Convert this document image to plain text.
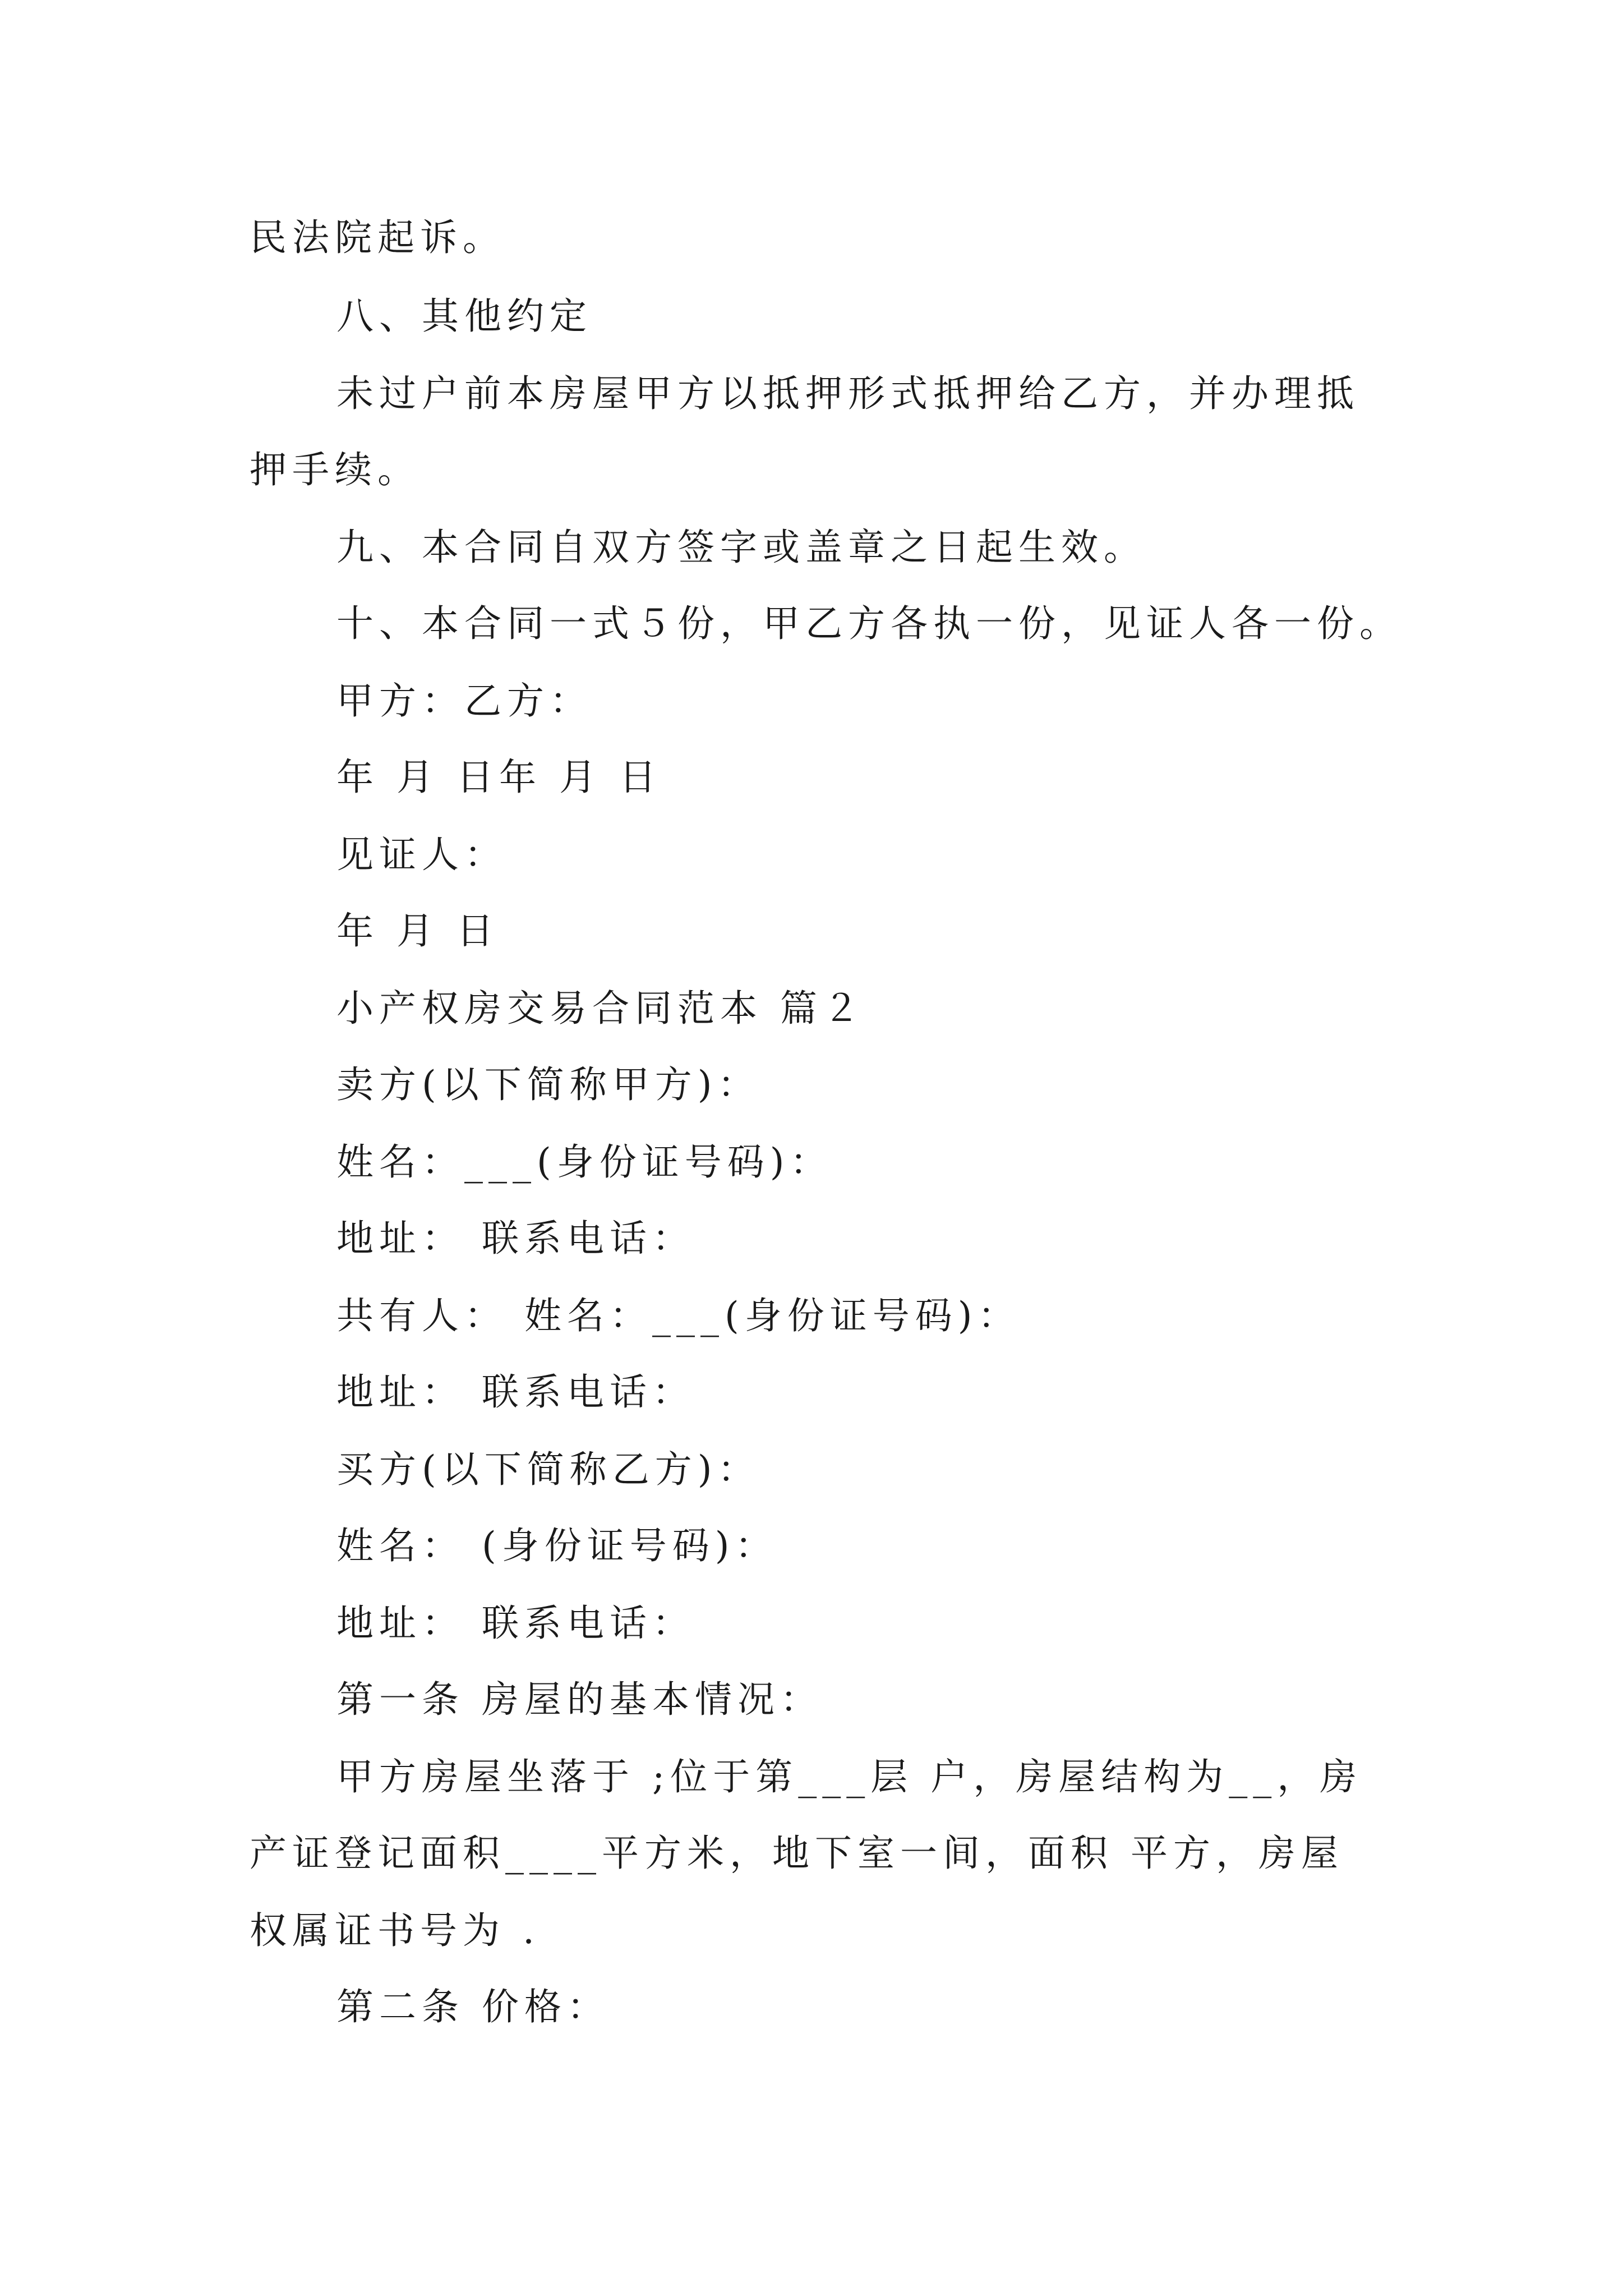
民法院起诉。
八、其他约定
未过户前本房屋甲方以抵押形式抵押给乙方，并办理抵
押手续。
九、本合同自双方签字或盖章之日起生效。
十、本合同一式５份，甲乙方各执一份，见证人各一份。
甲方：乙方：
年 月 日年 月 日
见证人：
年 月 日
小产权房交易合同范本 篇２
卖方(以下简称甲方)：
姓名：___(身份证号码)：
地址： 联系电话：
共有人： 姓名：___(身份证号码)：
地址： 联系电话：
买方(以下简称乙方)：
姓名： (身份证号码)：
地址： 联系电话：
第一条 房屋的基本情况：
甲方房屋坐落于 ;位于第___层 户，房屋结构为__，房
产证登记面积____平方米，地下室一间，面积 平方，房屋
权属证书号为 .
第二条 价格：
